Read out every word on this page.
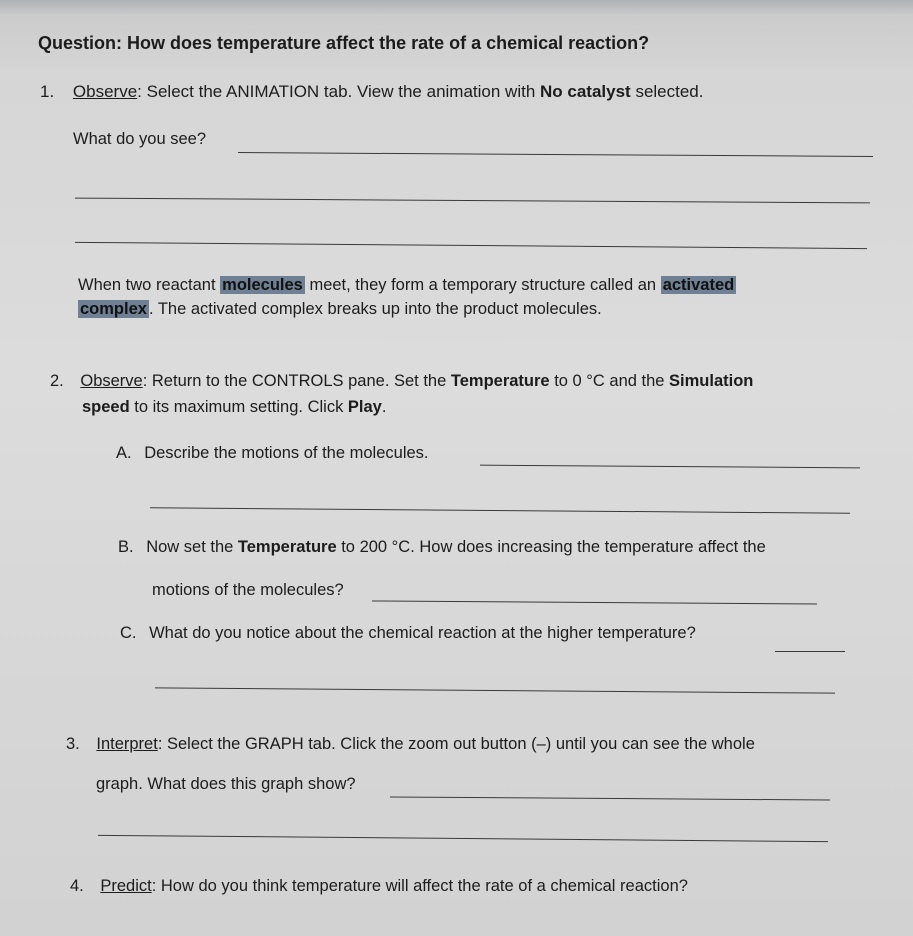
Question: How does temperature affect the rate of a chemical reaction?
1. Observe: Select the ANIMATION tab. View the animation with No catalyst selected.
What do you see?
When two reactant molecules meet, they form a temporary structure called an activated
complex . The activated complex breaks up into the product molecules.
2. Observe: Return to the CONTROLS pane. Set the Temperature to 0 °C and the Simulation
speed to its maximum setting. Click Play.
A. Describe the motions of the molecules.
B. Now set the Temperature to 200 °C. How does increasing the temperature affect the
motions of the molecules?
C. What do you notice about the chemical reaction at the higher temperature?
3. Interpret: Select the GRAPH tab. Click the zoom out button (–) until you can see the whole
graph. What does this graph show?
4. Predict: How do you think temperature will affect the rate of a chemical reaction?
